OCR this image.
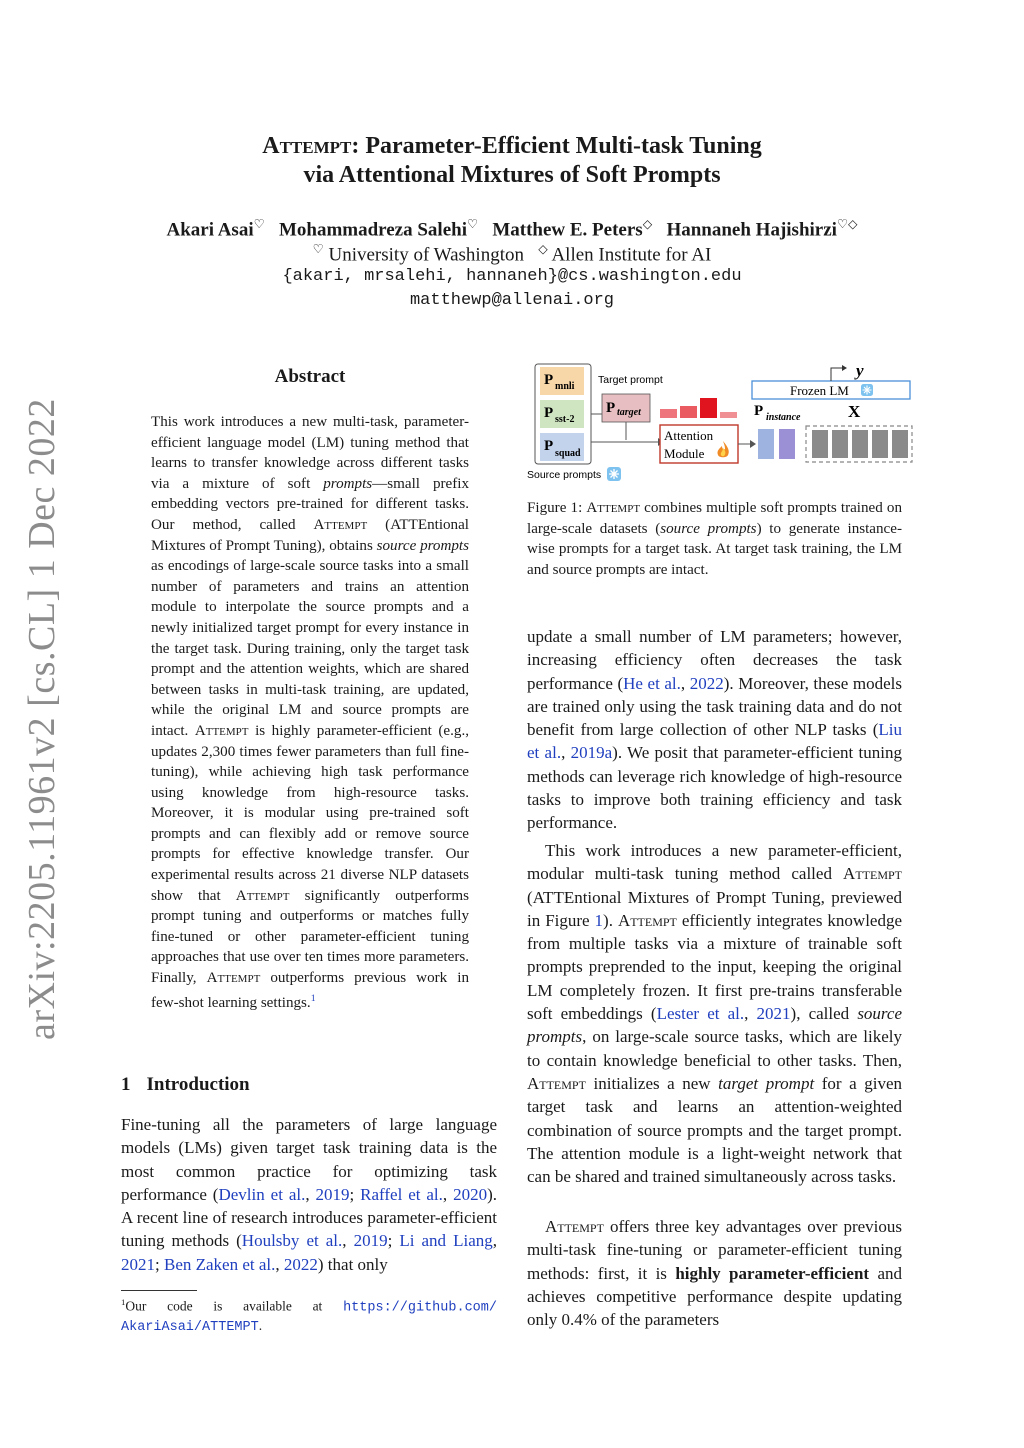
arXiv:2205.11961v2 [cs.CL] 1 Dec 2022
Attempt: Parameter-Efficient Multi-task Tuning
via Attentional Mixtures of Soft Prompts
Akari Asai♡ Mohammadreza Salehi♡ Matthew E. Peters◇ Hannaneh Hajishirzi♡◇
♡ University of Washington ◇ Allen Institute for AI
{akari, mrsalehi, hannaneh}@cs.washington.edu
matthewp@allenai.org
Abstract
This work introduces a new multi-task, parameter-efficient language model (LM) tuning method that learns to transfer knowledge across different tasks via a mixture of soft prompts—small prefix embedding vectors pre-trained for different tasks. Our method, called Attempt (ATTEntional Mixtures of Prompt Tuning), obtains source prompts as encodings of large-scale source tasks into a small number of parameters and trains an attention module to interpolate the source prompts and a newly initialized target prompt for every instance in the target task. During training, only the target task prompt and the attention weights, which are shared between tasks in multi-task training, are updated, while the original LM and source prompts are intact. Attempt is highly parameter-efficient (e.g., updates 2,300 times fewer parameters than full fine-tuning), while achieving high task performance using knowledge from high-resource tasks. Moreover, it is modular using pre-trained soft prompts and can flexibly add or remove source prompts for effective knowledge transfer. Our experimental results across 21 diverse NLP datasets show that Attempt significantly outperforms prompt tuning and outperforms or matches fully fine-tuned or other parameter-efficient tuning approaches that use over ten times more parameters. Finally, Attempt outperforms previous work in few-shot learning settings.$^1$
1 Introduction
Fine-tuning all the parameters of large language models (LMs) given target task training data is the most common practice for optimizing task performance (Devlin et al., 2019; Raffel et al., 2020). A recent line of research introduces parameter-efficient tuning methods (Houlsby et al., 2019; Li and Liang, 2021; Ben Zaken et al., 2022) that only
$^1$Our code is available at https://github.com/ AkariAsai/ATTEMPT.
P mnli
P sst-2
P squad
Source prompts
Target prompt
P target
Attention
Module
P instance	X
Frozen LM
y
Figure 1: Attempt combines multiple soft prompts trained on large-scale datasets (source prompts) to generate instance-wise prompts for a target task. At target task training, the LM and source prompts are intact.
update a small number of LM parameters; however, increasing efficiency often decreases the task performance (He et al., 2022). Moreover, these models are trained only using the task training data and do not benefit from large collection of other NLP tasks (Liu et al., 2019a). We posit that parameter-efficient tuning methods can leverage rich knowledge of high-resource tasks to improve both training efficiency and task performance.
This work introduces a new parameter-efficient, modular multi-task tuning method called Attempt (ATTEntional Mixtures of Prompt Tuning, previewed in Figure 1). Attempt efficiently integrates knowledge from multiple tasks via a mixture of trainable soft prompts preprended to the input, keeping the original LM completely frozen. It first pre-trains transferable soft embeddings (Lester et al., 2021), called source prompts, on large-scale source tasks, which are likely to contain knowledge beneficial to other tasks. Then, Attempt initializes a new target prompt for a given target task and learns an attention-weighted combination of source prompts and the target prompt. The attention module is a light-weight network that can be shared and trained simultaneously across tasks.
Attempt offers three key advantages over previous multi-task fine-tuning or parameter-efficient tuning methods: first, it is highly parameter-efficient and achieves competitive performance despite updating only 0.4% of the parameters
